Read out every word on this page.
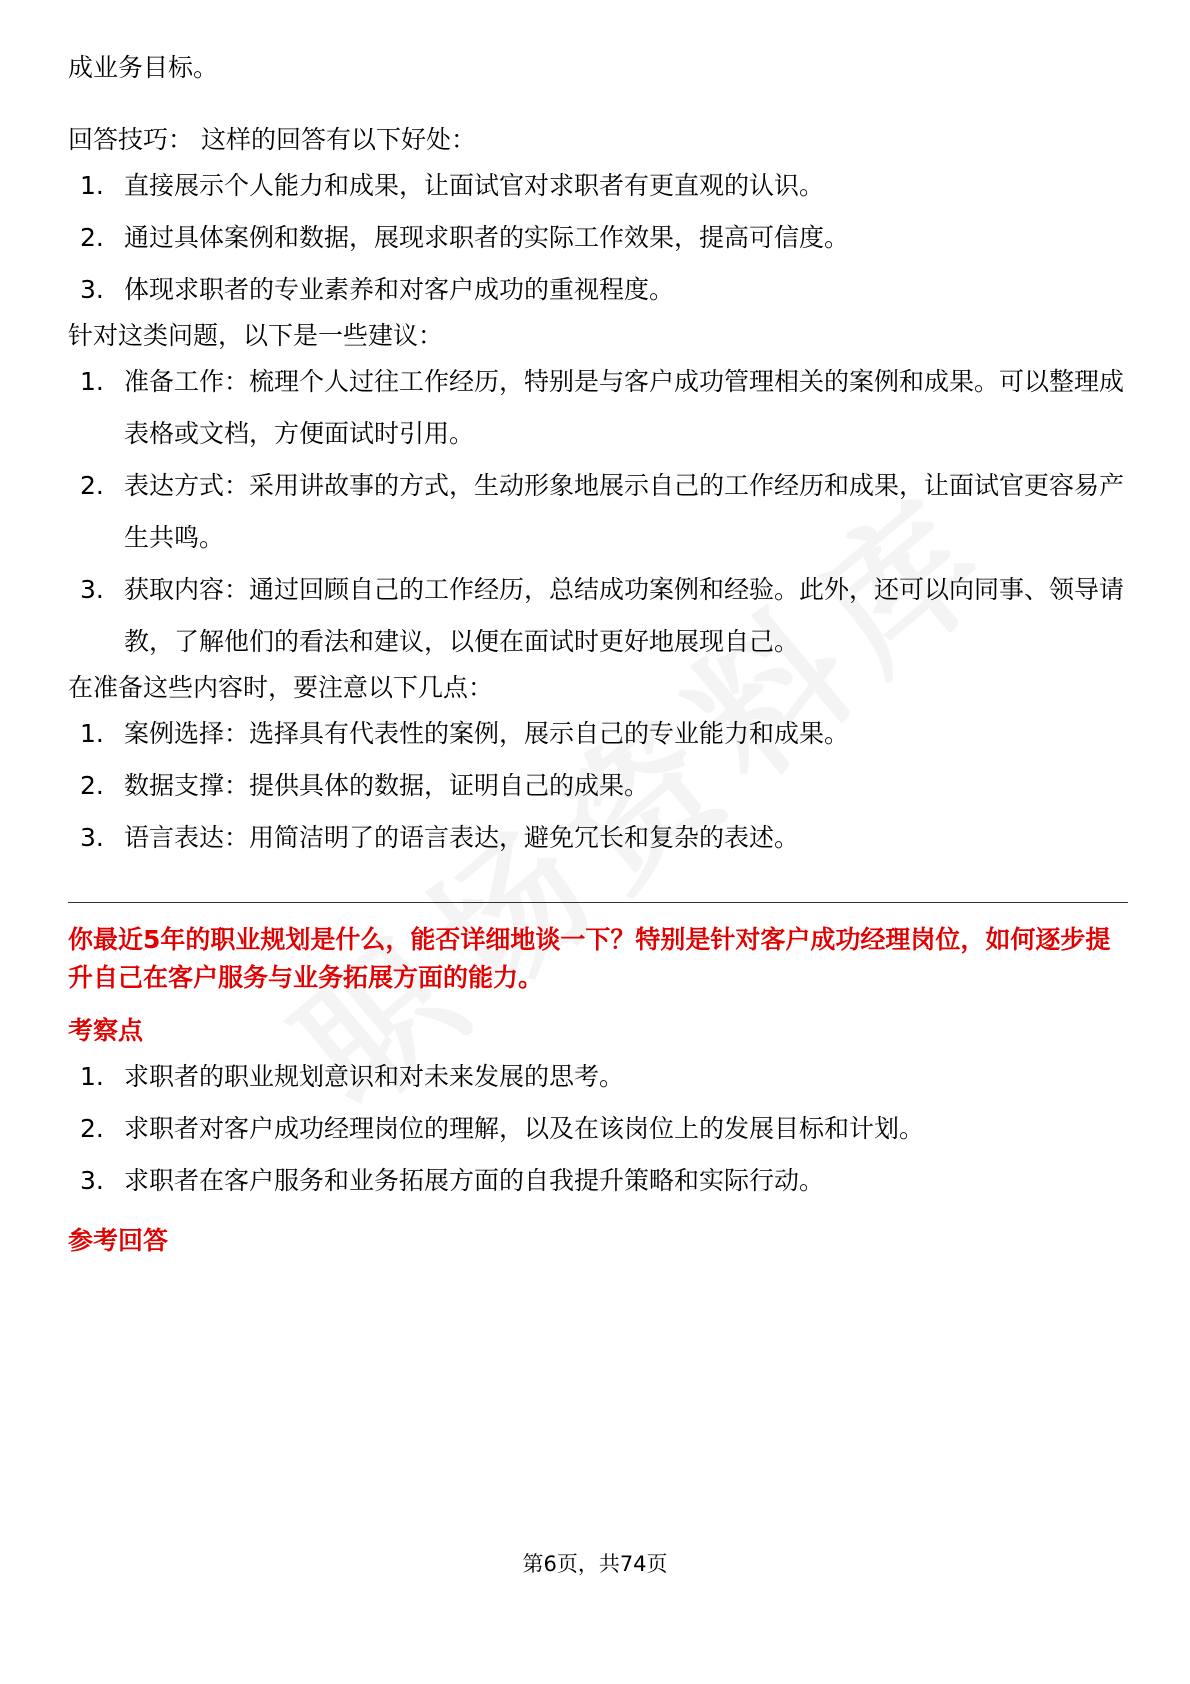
成业务目标。

回答技巧： 这样的回答有以下好处：

1. 直接展示个人能力和成果，让面试官对求职者有更直观的认识。
2. 通过具体案例和数据，展现求职者的实际工作效果，提高可信度。
3. 体现求职者的专业素养和对客户成功的重视程度。

针对这类问题，以下是一些建议：

1. 准备工作：梳理个人过往工作经历，特别是与客户成功管理相关的案例和成果。可以整理成表格或文档，方便面试时引用。
2. 表达方式：采用讲故事的方式，生动形象地展示自己的工作经历和成果，让面试官更容易产生共鸣。
3. 获取内容：通过回顾自己的工作经历，总结成功案例和经验。此外，还可以向同事、领导请教，了解他们的看法和建议，以便在面试时更好地展现自己。

在准备这些内容时，要注意以下几点：

1. 案例选择：选择具有代表性的案例，展示自己的专业能力和成果。
2. 数据支撑：提供具体的数据，证明自己的成果。
3. 语言表达：用简洁明了的语言表达，避免冗长和复杂的表述。

你最近5年的职业规划是什么，能否详细地谈一下？特别是针对客户成功经理岗位，如何逐步提升自己在客户服务与业务拓展方面的能力。

考察点

1. 求职者的职业规划意识和对未来发展的思考。
2. 求职者对客户成功经理岗位的理解，以及在该岗位上的发展目标和计划。
3. 求职者在客户服务和业务拓展方面的自我提升策略和实际行动。

参考回答

第6页，共74页
